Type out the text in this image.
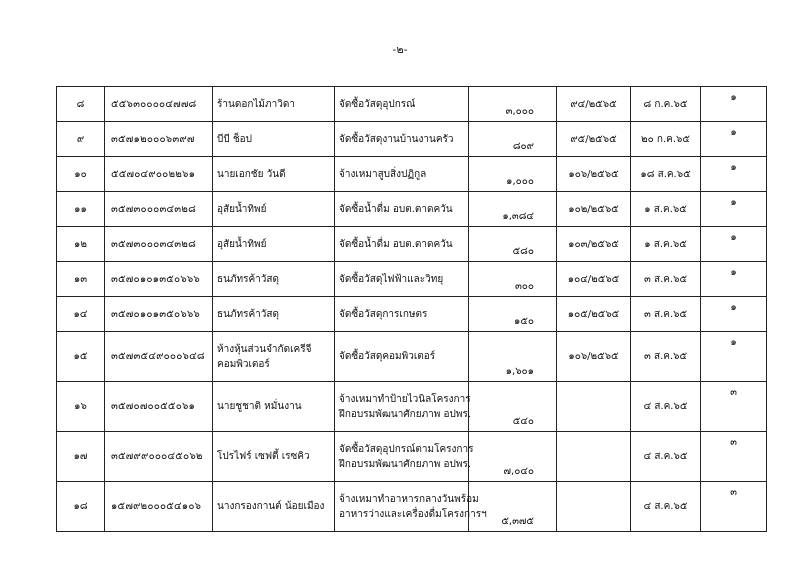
-๒-
๘	๕๕๖๓๐๐๐๐๔๗๗๘	ร้านดอกไม้ภาวิดา	จัดซื้อวัสดุอุปกรณ์	๓,๐๐๐	๙๔/๒๕๖๕	๘ ก.ค.๖๕	๑
๙	๓๕๗๑๒๐๐๐๖๓๙๗	บีบี ช็อป	จัดซื้อวัสดุงานบ้านงานครัว	๘๐๙	๙๕/๒๕๖๕	๒๐ ก.ค.๖๕	๑
๑๐	๕๕๗๐๔๙๐๐๒๒๖๑	นายเอกชัย วันดี	จ้างเหมาสูบสิ่งปฏิกูล	๑,๐๐๐	๑๐๖/๒๕๖๕	๑๘ ส.ค.๖๕	๑
๑๑	๓๕๗๓๐๐๐๓๔๓๒๘	อุสัยน้ำทิพย์	จัดซื้อน้ำดื่ม อบต.ตาดควัน	๑,๓๘๔	๑๐๒/๒๕๖๕	๑ ส.ค.๖๕	๑
๑๒	๓๕๗๓๐๐๐๓๔๓๒๘	อุสัยน้ำทิพย์	จัดซื้อน้ำดื่ม อบต.ตาดควัน	๕๘๐	๑๐๓/๒๕๖๕	๑ ส.ค.๖๕	๑
๑๓	๓๕๗๐๑๐๑๓๕๐๖๖๖	ธนภัทรค้าวัสดุ	จัดซื้อวัสดุไฟฟ้าและวิทยุ	๓๐๐	๑๐๔/๒๕๖๕	๓ ส.ค.๖๕	๑
๑๔	๓๕๗๐๑๐๑๓๕๐๖๖๖	ธนภัทรค้าวัสดุ	จัดซื้อวัสดุการเกษตร	๑๕๐	๑๐๕/๒๕๖๕	๓ ส.ค.๖๕	๑
๑๕	๓๕๗๓๕๔๙๐๐๐๖๔๘	ห้างหุ้นส่วนจำกัดเครีจี
คอมพิวเตอร์	จัดซื้อวัสดุคอมพิวเตอร์	๑,๖๐๑	๑๐๖/๒๕๖๕	๓ ส.ค.๖๕	๑
๑๖	๓๕๗๐๗๐๐๕๕๐๖๑	นายชูชาติ หมั่นงาน	จ้างเหมาทำป้ายไวนิลโครงการ
ฝึกอบรมพัฒนาศักยภาพ อปพร.	๕๔๐		๔ ส.ค.๖๕	๓
๑๗	๓๕๗๙๙๐๐๐๔๕๐๖๒	โปรไฟร์ เซฟตี้ เรซคิว	จัดซื้อวัสดุอุปกรณ์ตามโครงการ
ฝึกอบรมพัฒนาศักยภาพ อปพร.	๗,๐๔๐		๔ ส.ค.๖๕	๓
๑๘	๑๕๗๙๒๐๐๐๕๔๑๐๖	นางกรองกานต์ น้อยเมือง	จ้างเหมาทำอาหารกลางวันพร้อม
อาหารว่างและเครื่องดื่มโครงการฯ	๕,๓๗๕		๔ ส.ค.๖๕	๓
